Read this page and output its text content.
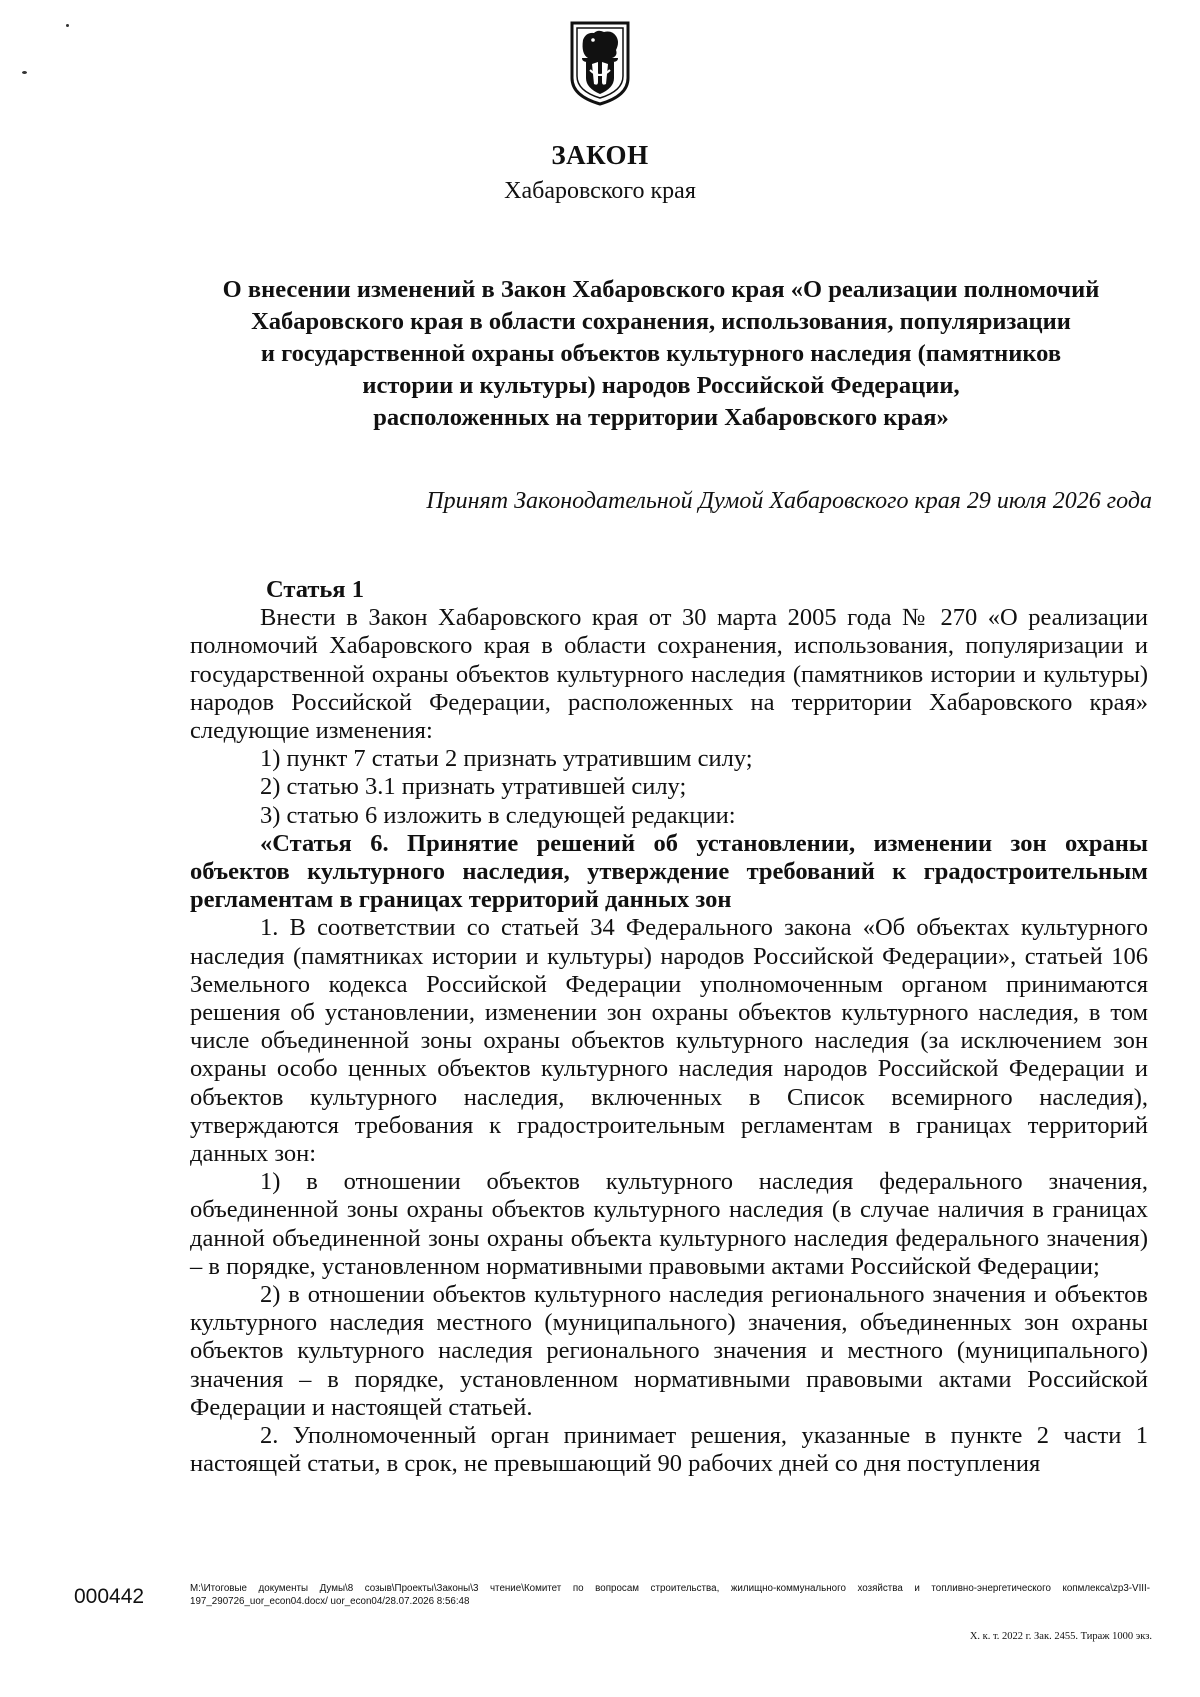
ЗАКОН
Хабаровского края
О внесении изменений в Закон Хабаровского края «О реализации полномочий
Хабаровского края в области сохранения, использования, популяризации
и государственной охраны объектов культурного наследия (памятников
истории и культуры) народов Российской Федерации,
расположенных на территории Хабаровского края»
Принят Законодательной Думой Хабаровского края 29 июля 2026 года

Статья 1

Внести в Закон Хабаровского края от 30 марта 2005 года № 270 «О реализации полномочий Хабаровского края в области сохранения, использования, популяризации и государственной охраны объектов культурного наследия (памятников истории и культуры) народов Российской Федерации, расположенных на территории Хабаровского края» следующие изменения:

1) пункт 7 статьи 2 признать утратившим силу;

2) статью 3.1 признать утратившей силу;

3) статью 6 изложить в следующей редакции:

«Статья 6. Принятие решений об установлении, изменении зон охраны объектов культурного наследия, утверждение требований к градостроительным регламентам в границах территорий данных зон

1. В соответствии со статьей 34 Федерального закона «Об объектах культурного наследия (памятниках истории и культуры) народов Российской Федерации», статьей 106 Земельного кодекса Российской Федерации уполномоченным органом принимаются решения об установлении, изменении зон охраны объектов культурного наследия, в том числе объединенной зоны охраны объектов культурного наследия (за исключением зон охраны особо ценных объектов культурного наследия народов Российской Федерации и объектов культурного наследия, включенных в Список всемирного наследия), утверждаются требования к градостроительным регламентам в границах территорий данных зон:

1) в отношении объектов культурного наследия федерального значения, объединенной зоны охраны объектов культурного наследия (в случае наличия в границах данной объединенной зоны охраны объекта культурного наследия федерального значения) – в порядке, установленном нормативными правовыми актами Российской Федерации;

2) в отношении объектов культурного наследия регионального значения и объектов культурного наследия местного (муниципального) значения, объединенных зон охраны объектов культурного наследия регионального значения и местного (муниципального) значения – в порядке, установленном нормативными правовыми актами Российской Федерации и настоящей статьей.

2. Уполномоченный орган принимает решения, указанные в пункте 2 части 1 настоящей статьи, в срок, не превышающий 90 рабочих дней со дня поступления

000442	М:\Итоговые документы Думы\8 созыв\Проекты\Законы\3 чтение\Комитет по вопросам строительства, жилищно-коммунального хозяйства и топливно-энергетического копмлекса\zp3-VIII-197_290726_uor_econ04.docx/ uor_econ04/28.07.2026 8:56:48
Х. к. т. 2022 г. Зак. 2455. Тираж 1000 экз.
